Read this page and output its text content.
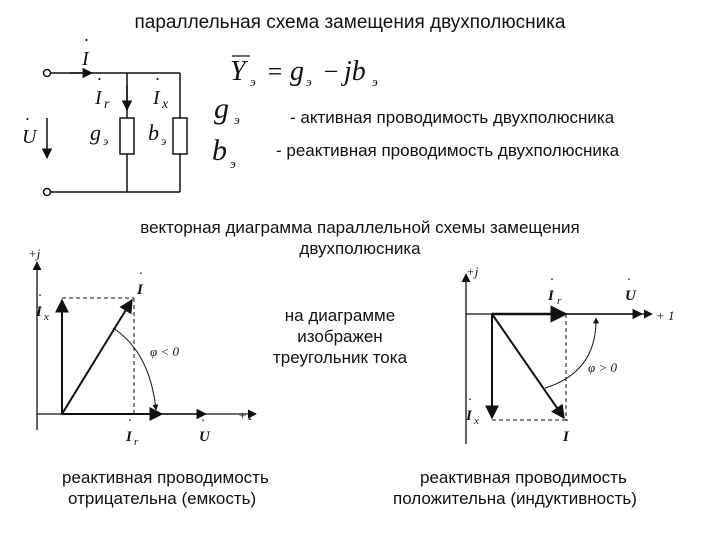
параллельная схема замещения двухполюсника
I
·
U
·
I
·
r I
·
x
g э b э
Y э = g э − jb э
g э
b э
- активная проводимость двухполюсника
- реактивная проводимость двухполюсника
векторная диаграмма параллельной схемы замещения
двухполюсника
+j
+1
I
·
I
·
x
I
·
r	U
·
φ < 0
+j
+ 1
I
·
r	U
·
I
·
x
I
·
φ > 0
на диаграмме
изображен
треугольник тока
реактивная проводимость
отрицательна (емкость)
реактивная проводимость
положительна (индуктивность)
